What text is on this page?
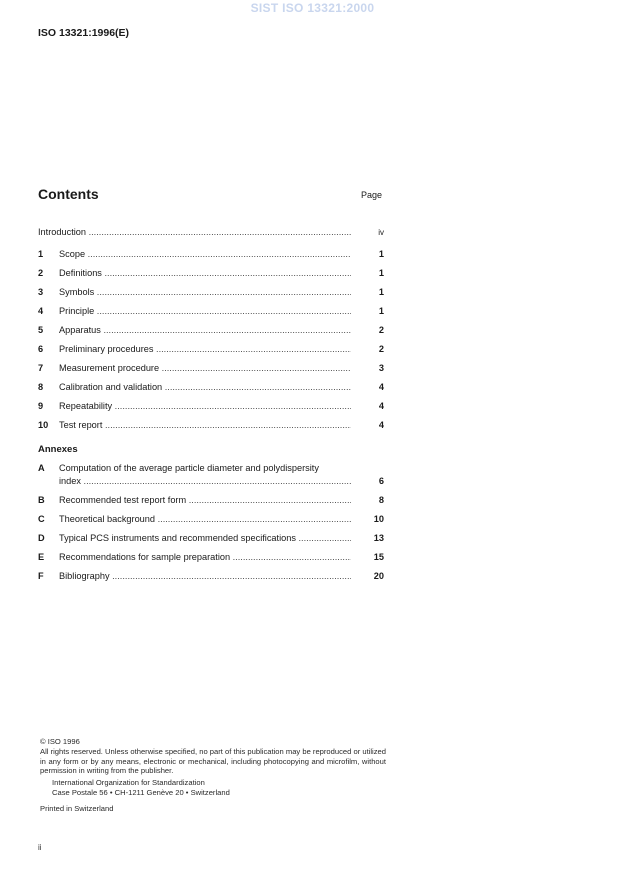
SIST ISO 13321:2000
ISO 13321:1996(E)
Contents	Page
Introduction .....	iv
1	Scope .....	1
2	Definitions .....	1
3	Symbols .....	1
4	Principle .....	1
5	Apparatus .....	2
6	Preliminary procedures .....	2
7	Measurement procedure .....	3
8	Calibration and validation .....	4
9	Repeatability .....	4
10	Test report .....	4
Annexes
A	Computation of the average particle diameter and polydispersity
index .....	6
B	Recommended test report form .....	8
C	Theoretical background .....	10
D	Typical PCS instruments and recommended specifications .....	13
E	Recommendations for sample preparation .....	15
F	Bibliography .....	20

© ISO 1996

All rights reserved. Unless otherwise specified, no part of this publication may be reproduced or utilized in any form or by any means, electronic or mechanical, including photocopying and microfilm, without permission in writing from the publisher.

International Organization for Standardization

Case Postale 56 • CH-1211 Genève 20 • Switzerland

Printed in Switzerland

ii
